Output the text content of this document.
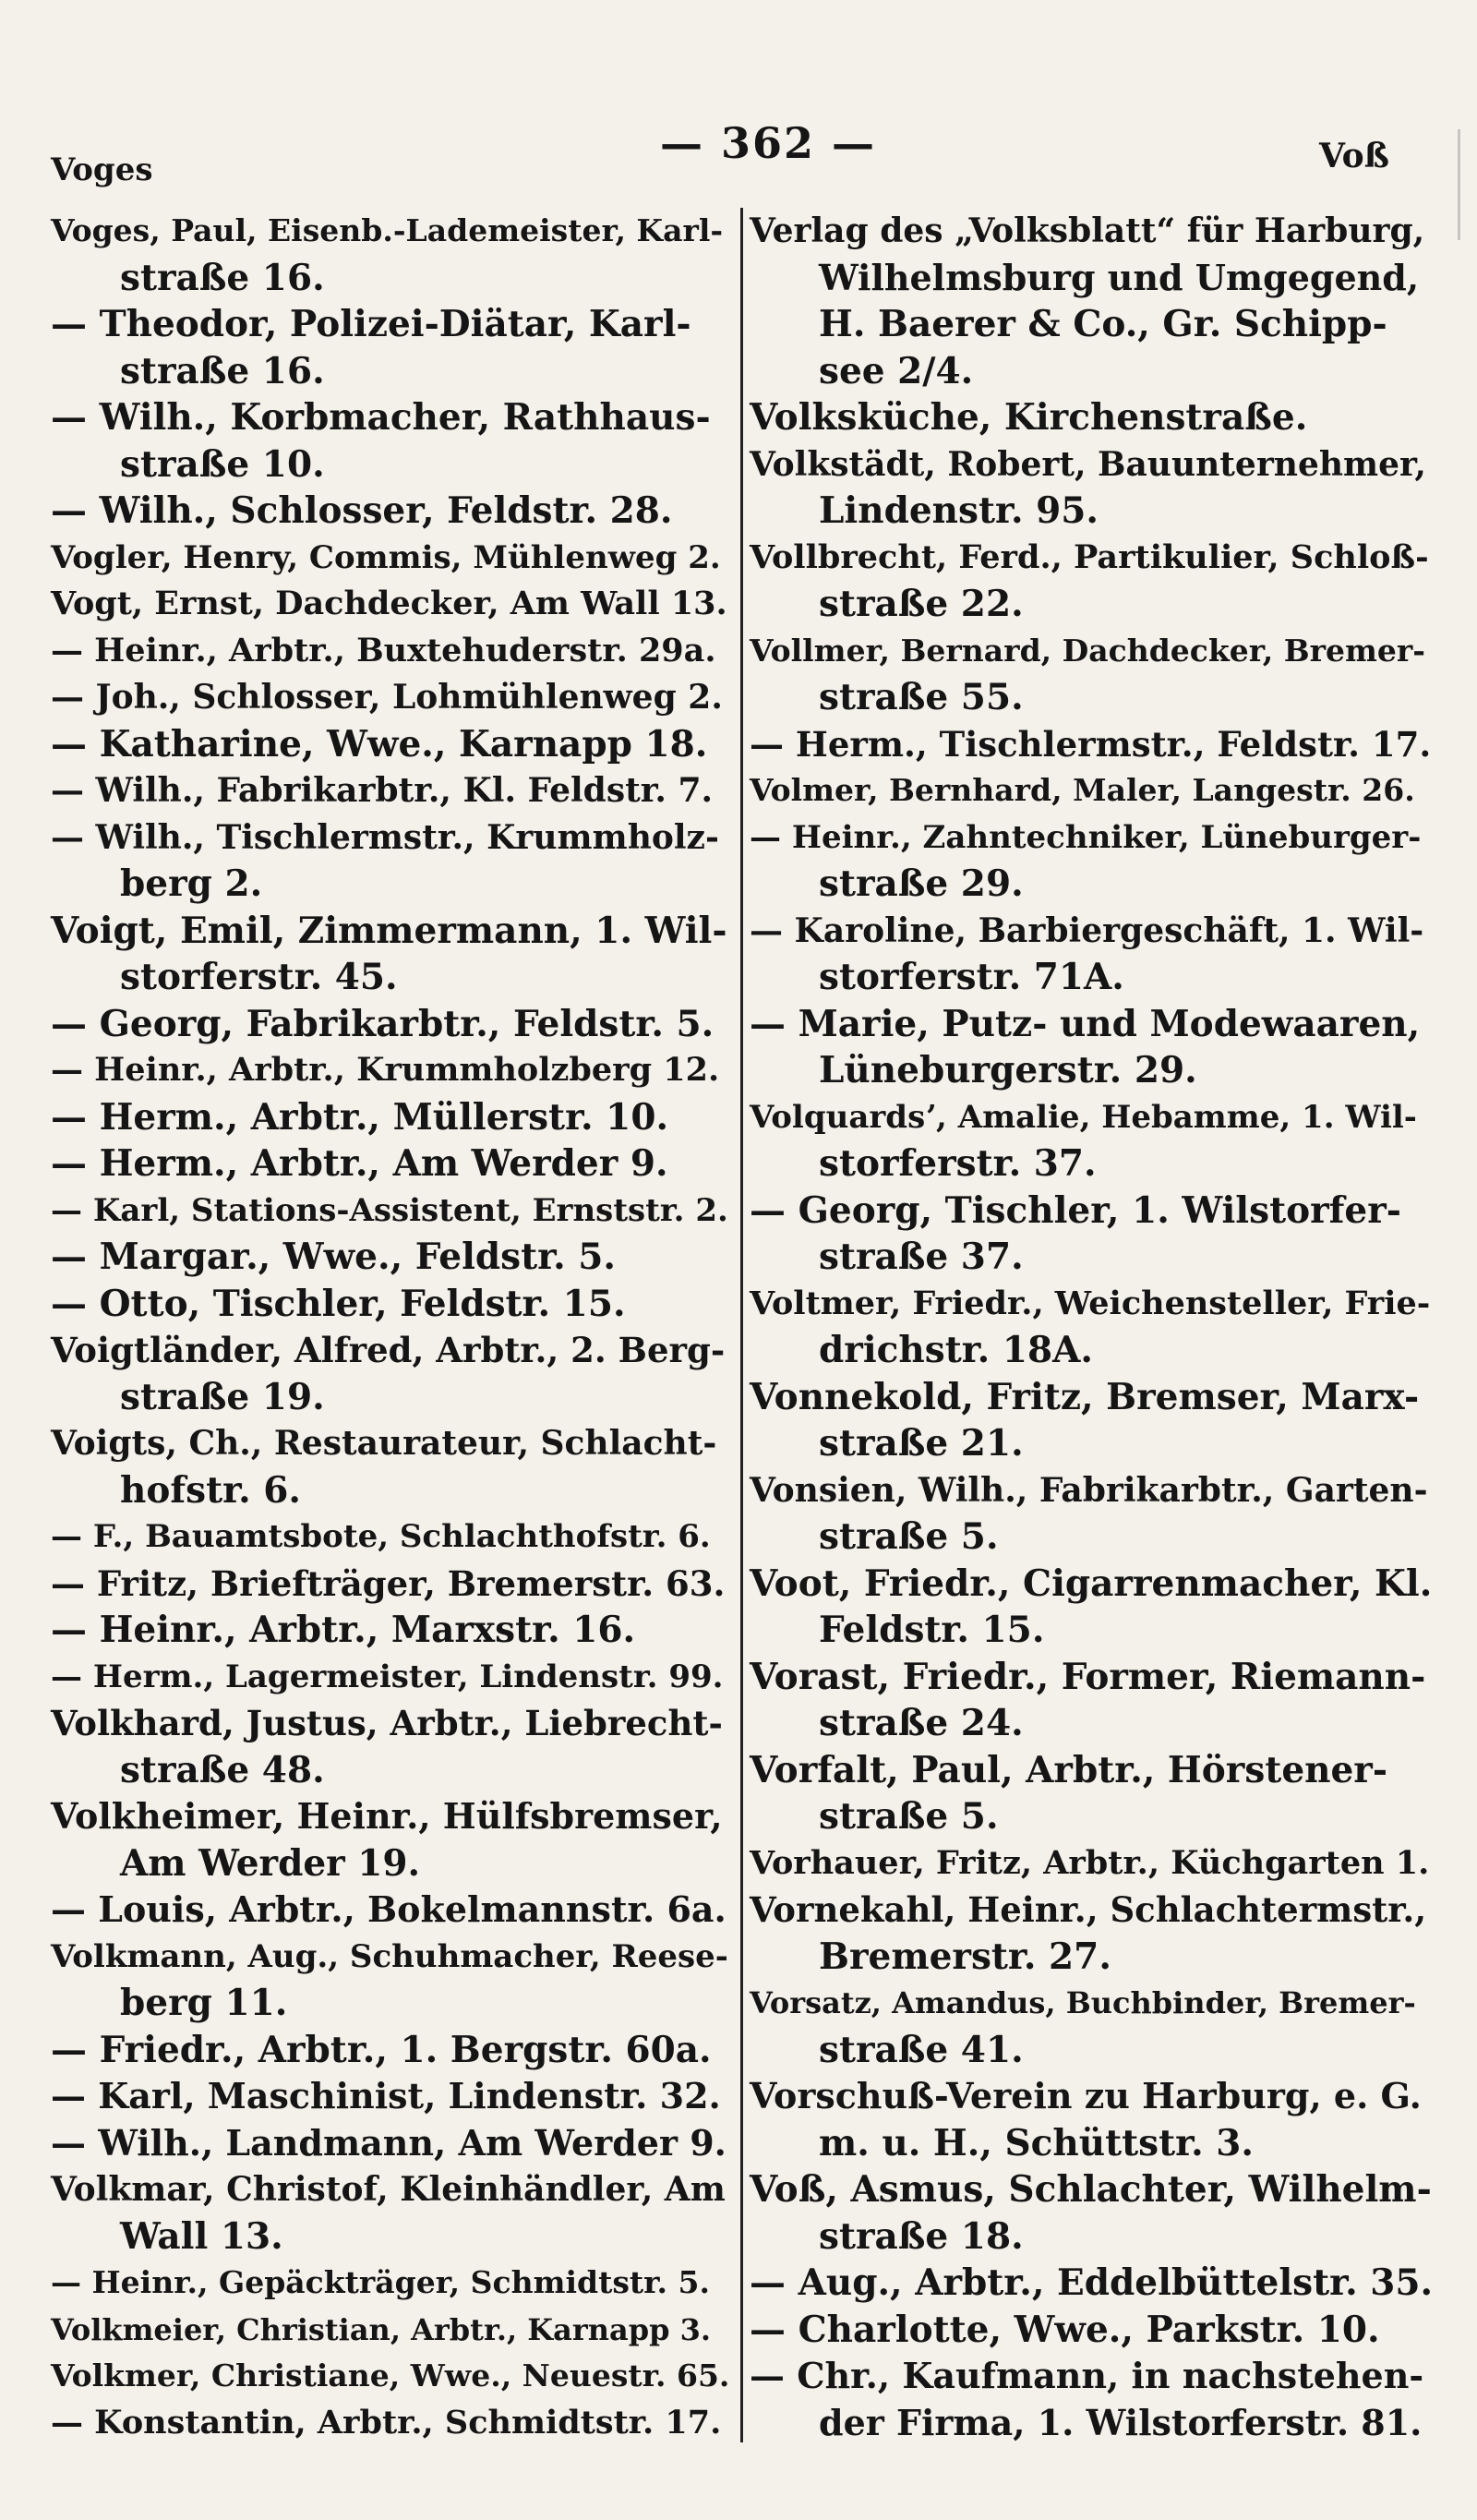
Voges
— 362 —	Voß
Voges, Paul, Eisenb.-Lademeister, Karl-
straße 16.
— Theodor, Polizei-Diätar, Karl-
straße 16.
— Wilh., Korbmacher, Rathhaus-
straße 10.
— Wilh., Schlosser, Feldstr. 28.
Vogler, Henry, Commis, Mühlenweg 2.
Vogt, Ernst, Dachdecker, Am Wall 13.
— Heinr., Arbtr., Buxtehuderstr. 29a.
— Joh., Schlosser, Lohmühlenweg 2.
— Katharine, Wwe., Karnapp 18.
— Wilh., Fabrikarbtr., Kl. Feldstr. 7.
— Wilh., Tischlermstr., Krummholz-
berg 2.
Voigt, Emil, Zimmermann, 1. Wil-
storferstr. 45.
— Georg, Fabrikarbtr., Feldstr. 5.
— Heinr., Arbtr., Krummholzberg 12.
— Herm., Arbtr., Müllerstr. 10.
— Herm., Arbtr., Am Werder 9.
— Karl, Stations-Assistent, Ernststr. 2.
— Margar., Wwe., Feldstr. 5.
— Otto, Tischler, Feldstr. 15.
Voigtländer, Alfred, Arbtr., 2. Berg-
straße 19.
Voigts, Ch., Restaurateur, Schlacht-
hofstr. 6.
— F., Bauamtsbote, Schlachthofstr. 6.
— Fritz, Briefträger, Bremerstr. 63.
— Heinr., Arbtr., Marxstr. 16.
— Herm., Lagermeister, Lindenstr. 99.
Volkhard, Justus, Arbtr., Liebrecht-
straße 48.
Volkheimer, Heinr., Hülfsbremser,
Am Werder 19.
— Louis, Arbtr., Bokelmannstr. 6a.
Volkmann, Aug., Schuhmacher, Reese-
berg 11.
— Friedr., Arbtr., 1. Bergstr. 60a.
— Karl, Maschinist, Lindenstr. 32.
— Wilh., Landmann, Am Werder 9.
Volkmar, Christof, Kleinhändler, Am
Wall 13.
— Heinr., Gepäckträger, Schmidtstr. 5.
Volkmeier, Christian, Arbtr., Karnapp 3.
Volkmer, Christiane, Wwe., Neuestr. 65.
— Konstantin, Arbtr., Schmidtstr. 17.
Verlag des „Volksblatt“ für Harburg,
Wilhelmsburg und Umgegend,
H. Baerer & Co., Gr. Schipp-
see 2/4.
Volksküche, Kirchenstraße.
Volkstädt, Robert, Bauunternehmer,
Lindenstr. 95.
Vollbrecht, Ferd., Partikulier, Schloß-
straße 22.
Vollmer, Bernard, Dachdecker, Bremer-
straße 55.
— Herm., Tischlermstr., Feldstr. 17.
Volmer, Bernhard, Maler, Langestr. 26.
— Heinr., Zahntechniker, Lüneburger-
straße 29.
— Karoline, Barbiergeschäft, 1. Wil-
storferstr. 71A.
— Marie, Putz- und Modewaaren,
Lüneburgerstr. 29.
Volquardsʼ, Amalie, Hebamme, 1. Wil-
storferstr. 37.
— Georg, Tischler, 1. Wilstorfer-
straße 37.
Voltmer, Friedr., Weichensteller, Frie-
drichstr. 18A.
Vonnekold, Fritz, Bremser, Marx-
straße 21.
Vonsien, Wilh., Fabrikarbtr., Garten-
straße 5.
Voot, Friedr., Cigarrenmacher, Kl.
Feldstr. 15.
Vorast, Friedr., Former, Riemann-
straße 24.
Vorfalt, Paul, Arbtr., Hörstener-
straße 5.
Vorhauer, Fritz, Arbtr., Küchgarten 1.
Vornekahl, Heinr., Schlachtermstr.,
Bremerstr. 27.
Vorsatz, Amandus, Buchbinder, Bremer-
straße 41.
Vorschuß-Verein zu Harburg, e. G.
m. u. H., Schüttstr. 3.
Voß, Asmus, Schlachter, Wilhelm-
straße 18.
— Aug., Arbtr., Eddelbüttelstr. 35.
— Charlotte, Wwe., Parkstr. 10.
— Chr., Kaufmann, in nachstehen-
der Firma, 1. Wilstorferstr. 81.
